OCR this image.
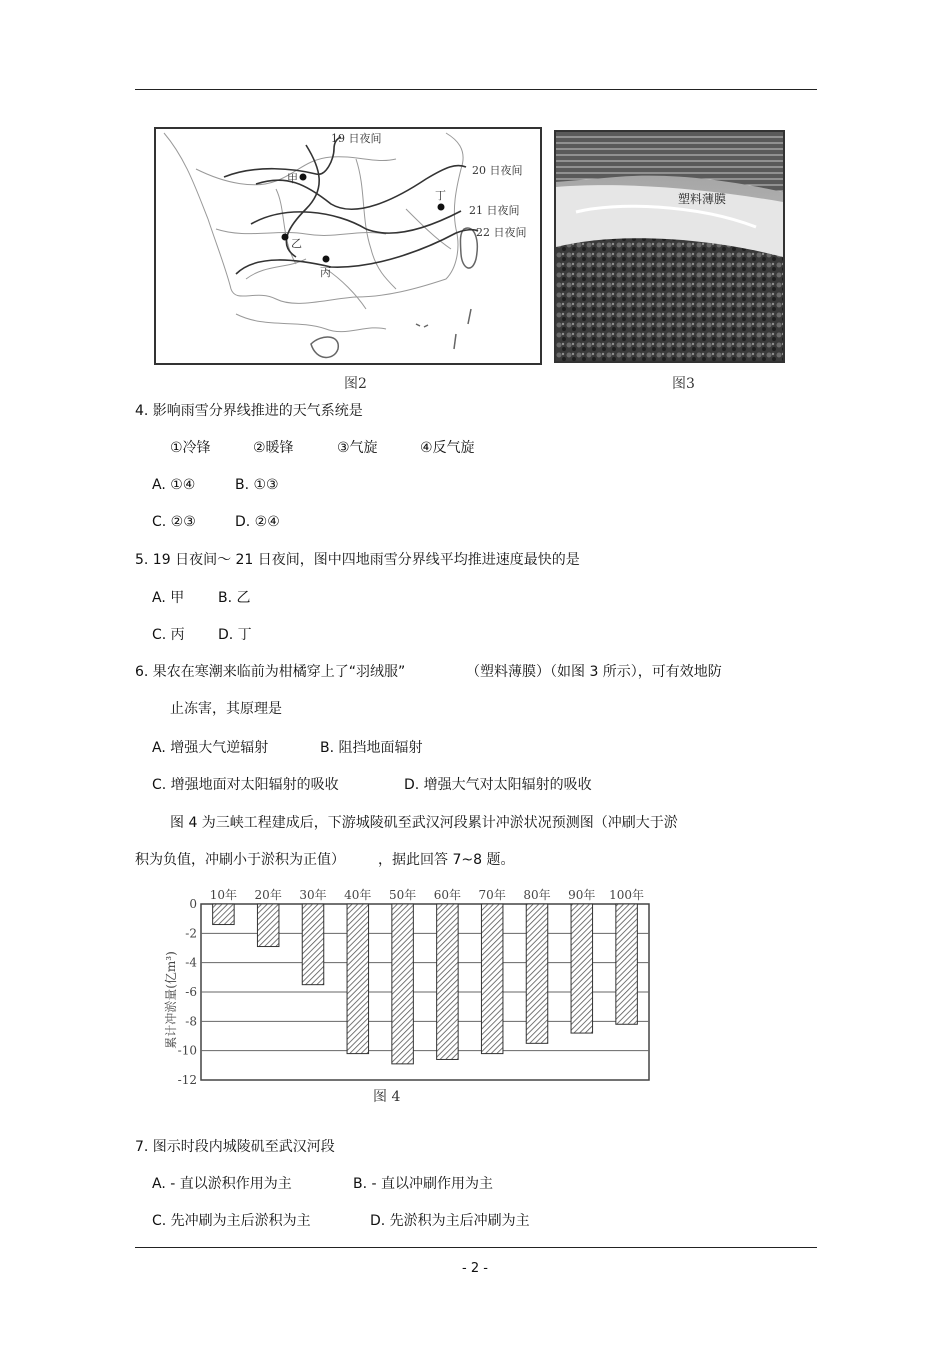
19 日夜间
20 日夜间
21 日夜间
22 日夜间
甲
乙
丙
丁
图2
塑料薄膜
图3
4. 影响雨雪分界线推进的天气系统是
①冷锋	②暖锋	③气旋	④反气旋
A. ①④	B. ①③
C. ②③	D. ②④
5. 19 日夜间～ 21 日夜间，图中四地雨雪分界线平均推进速度最快的是
A. 甲 B. 乙
C. 丙 D. 丁
6. 果农在寒潮来临前为柑橘穿上了“羽绒服”	（塑料薄膜）（如图 3 所示），可有效地防
止冻害，其原理是
A. 增强大气逆辐射	B. 阻挡地面辐射
C. 增强地面对太阳辐射的吸收	D. 增强大气对太阳辐射的吸收
图 4 为三峡工程建成后，下游城陵矶至武汉河段累计冲淤状况预测图（冲刷大于淤
积为负值，冲刷小于淤积为正值） ，据此回答 7~8 题。
0
-2
-4
-6
-8
-10
-12
10年 20年 30年 40年 50年 60年 70年 80年 90年 100年
累计冲淤量(亿m³)
图 4
7. 图示时段内城陵矶至武汉河段
A. - 直以淤积作用为主	B. - 直以冲刷作用为主
C. 先冲刷为主后淤积为主	D. 先淤积为主后冲刷为主
- 2 -
